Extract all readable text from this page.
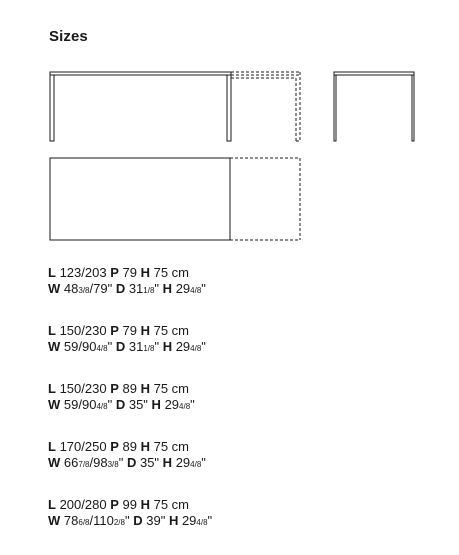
Sizes
L 123/203 P 79 H 75 cm
W 483/8/79" D 311/8" H 294/8"
L 150/230 P 79 H 75 cm
W 59/904/8" D 311/8" H 294/8"
L 150/230 P 89 H 75 cm
W 59/904/8" D 35" H 294/8"
L 170/250 P 89 H 75 cm
W 667/8/983/8" D 35" H 294/8"
L 200/280 P 99 H 75 cm
W 786/8/1102/8" D 39" H 294/8"
